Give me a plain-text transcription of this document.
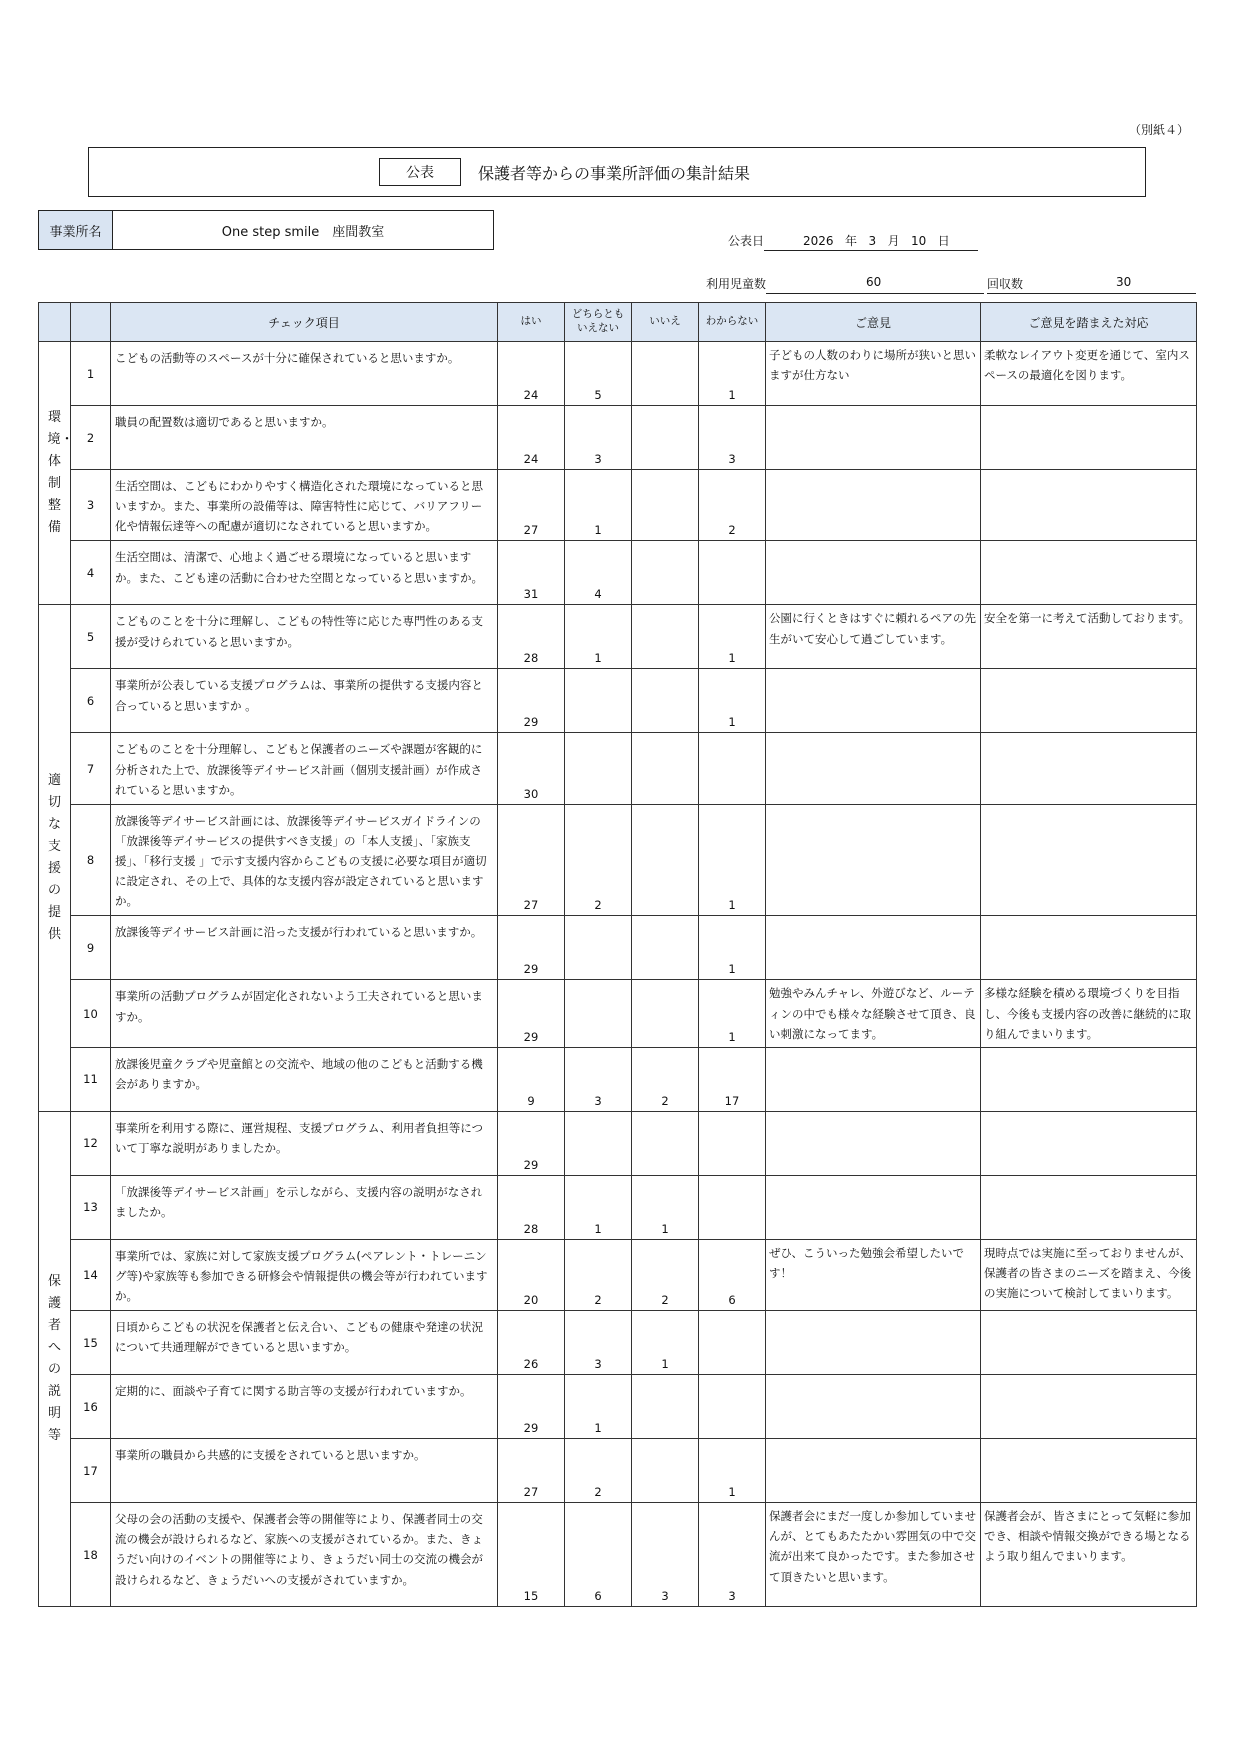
（別紙４）
公表	保護者等からの事業所評価の集計結果
事業所名	One step smile　座間教室
公表日	2026 年 3 月 10 日
利用児童数	60	回収数	30
		チェック項目	はい	どちらとも
いえない	いいえ	わからない	ご意見	ご意見を踏まえた対応
環境・体制整備	1	こどもの活動等のスペースが十分に確保されていると思いますか。	24	5		1	子どもの人数のわりに場所が狭いと思いますが仕方ない	柔軟なレイアウト変更を通じて、室内スペースの最適化を図ります。
	2	職員の配置数は適切であると思いますか。	24	3		3		
	3	生活空間は、こどもにわかりやすく構造化された環境になっていると思いますか。また、事業所の設備等は、障害特性に応じて、バリアフリー化や情報伝達等への配慮が適切になされていると思いますか。	27	1		2		
	4	生活空間は、清潔で、心地よく過ごせる環境になっていると思いますか。また、こども達の活動に合わせた空間となっていると思いますか。	31	4				
適切な支援の提供	5	こどものことを十分に理解し、こどもの特性等に応じた専門性のある支援が受けられていると思いますか。	28	1		1	公園に行くときはすぐに頼れるペアの先生がいて安心して過ごしています。	安全を第一に考えて活動しております。
	6	事業所が公表している支援プログラムは、事業所の提供する支援内容と合っていると思いますか 。	29			1		
	7	こどものことを十分理解し、こどもと保護者のニーズや課題が客観的に分析された上で、放課後等デイサービス計画（個別支援計画）が作成されていると思いますか。	30					
	8	放課後等デイサービス計画には、放課後等デイサービスガイドラインの「放課後等デイサービスの提供すべき支援」の「本人支援」、「家族支援」、「移行支援 」で示す支援内容からこどもの支援に必要な項目が適切に設定され、その上で、具体的な支援内容が設定されていると思いますか。	27	2		1		
	9	放課後等デイサービス計画に沿った支援が行われていると思いますか。	29			1		
	10	事業所の活動プログラムが固定化されないよう工夫されていると思いますか。	29			1	勉強やみんチャレ、外遊びなど、ルーティンの中でも様々な経験させて頂き、良い刺激になってます。	多様な経験を積める環境づくりを目指し、今後も支援内容の改善に継続的に取り組んでまいります。
	11	放課後児童クラブや児童館との交流や、地域の他のこどもと活動する機会がありますか。	9	3	2	17		
保護者への説明等	12	事業所を利用する際に、運営規程、支援プログラム、利用者負担等について丁寧な説明がありましたか。	29					
	13	「放課後等デイサービス計画」を示しながら、支援内容の説明がなされましたか。	28	1	1			
	14	事業所では、家族に対して家族支援プログラム(ペアレント・トレーニング等)や家族等も参加できる研修会や情報提供の機会等が行われていますか。	20	2	2	6	ぜひ、こういった勉強会希望したいです！	現時点では実施に至っておりませんが、保護者の皆さまのニーズを踏まえ、今後の実施について検討してまいります。
	15	日頃からこどもの状況を保護者と伝え合い、こどもの健康や発達の状況について共通理解ができていると思いますか。	26	3	1			
	16	定期的に、面談や子育てに関する助言等の支援が行われていますか。	29	1				
	17	事業所の職員から共感的に支援をされていると思いますか。	27	2		1		
	18	父母の会の活動の支援や、保護者会等の開催等により、保護者同士の交流の機会が設けられるなど、家族への支援がされているか。また、きょうだい向けのイベントの開催等により、きょうだい同士の交流の機会が設けられるなど、きょうだいへの支援がされていますか。	15	6	3	3	保護者会にまだ一度しか参加していませんが、とてもあたたかい雰囲気の中で交流が出来て良かったです。また参加させて頂きたいと思います。	保護者会が、皆さまにとって気軽に参加でき、相談や情報交換ができる場となるよう取り組んでまいります。
